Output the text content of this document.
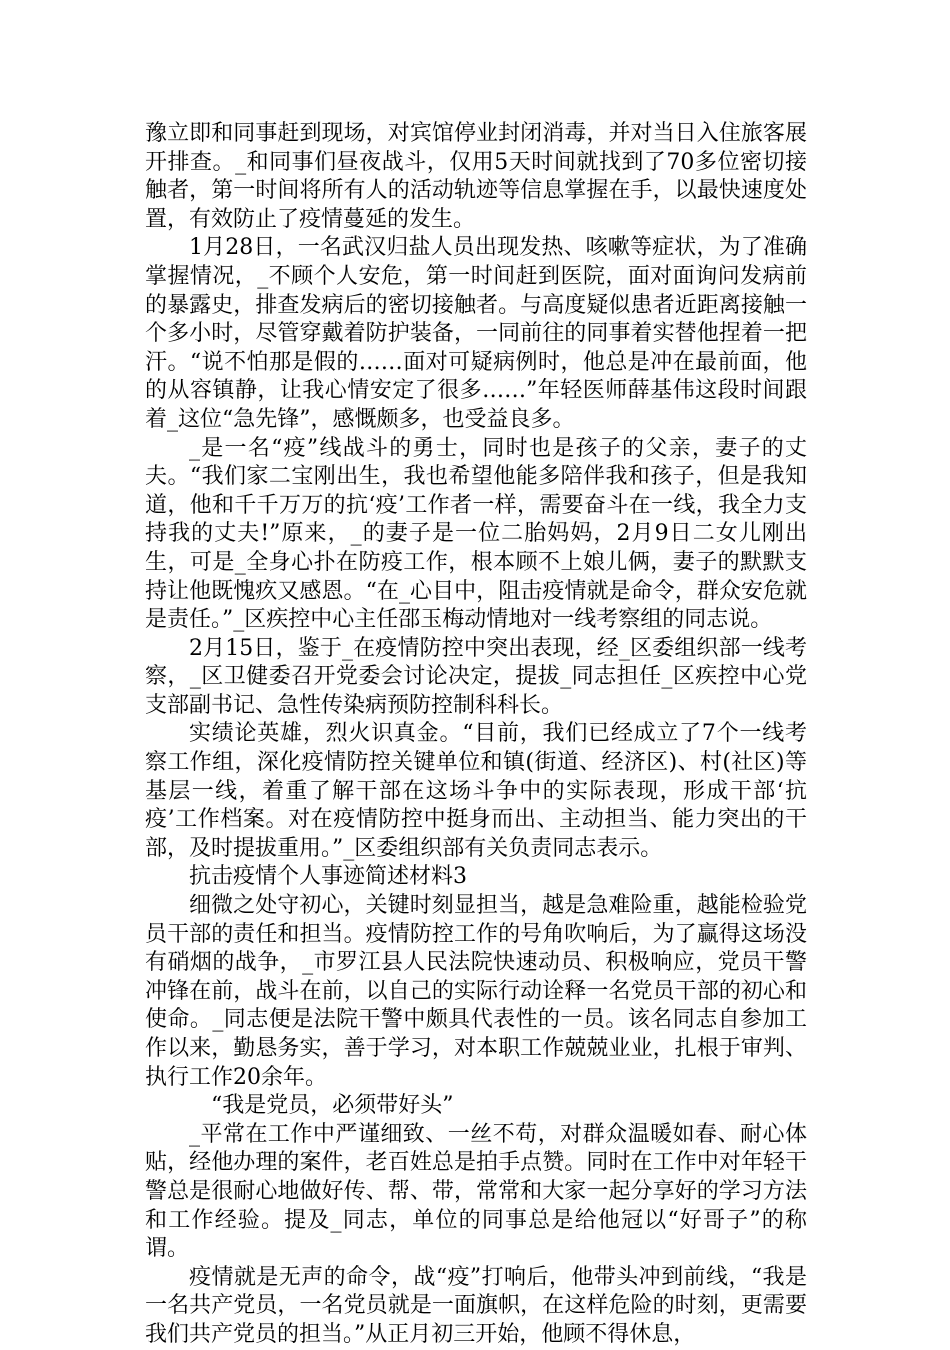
豫立即和同事赶到现场，对宾馆停业封闭消毒，并对当日入住旅客展开排查。_和同事们昼夜战斗，仅用5天时间就找到了70多位密切接触者，第一时间将所有人的活动轨迹等信息掌握在手，以最快速度处置，有效防止了疫情蔓延的发生。

1月28日，一名武汉归盐人员出现发热、咳嗽等症状，为了准确掌握情况，_不顾个人安危，第一时间赶到医院，面对面询问发病前的暴露史，排查发病后的密切接触者。与高度疑似患者近距离接触一个多小时，尽管穿戴着防护装备，一同前往的同事着实替他捏着一把汗。“说不怕那是假的……面对可疑病例时，他总是冲在最前面，他的从容镇静，让我心情安定了很多……”年轻医师薛基伟这段时间跟着_这位“急先锋”，感慨颇多，也受益良多。

_是一名“疫”线战斗的勇士，同时也是孩子的父亲，妻子的丈夫。“我们家二宝刚出生，我也希望他能多陪伴我和孩子，但是我知道，他和千千万万的抗‘疫’工作者一样，需要奋斗在一线，我全力支持我的丈夫!”原来，_的妻子是一位二胎妈妈，2月9日二女儿刚出生，可是_全身心扑在防疫工作，根本顾不上娘儿俩，妻子的默默支持让他既愧疚又感恩。“在_心目中，阻击疫情就是命令，群众安危就是责任。”_区疾控中心主任邵玉梅动情地对一线考察组的同志说。

2月15日，鉴于_在疫情防控中突出表现，经_区委组织部一线考察，_区卫健委召开党委会讨论决定，提拔_同志担任_区疾控中心党支部副书记、急性传染病预防控制科科长。

实绩论英雄，烈火识真金。“目前，我们已经成立了7个一线考察工作组，深化疫情防控关键单位和镇(街道、经济区)、村(社区)等基层一线，着重了解干部在这场斗争中的实际表现，形成干部‘抗疫’工作档案。对在疫情防控中挺身而出、主动担当、能力突出的干部，及时提拔重用。”_区委组织部有关负责同志表示。

抗击疫情个人事迹简述材料3

细微之处守初心，关键时刻显担当，越是急难险重，越能检验党员干部的责任和担当。疫情防控工作的号角吹响后，为了赢得这场没有硝烟的战争，_市罗江县人民法院快速动员、积极响应，党员干警冲锋在前，战斗在前，以自己的实际行动诠释一名党员干部的初心和使命。_同志便是法院干警中颇具代表性的一员。该名同志自参加工作以来，勤恳务实，善于学习，对本职工作兢兢业业，扎根于审判、执行工作20余年。

“我是党员，必须带好头”

_平常在工作中严谨细致、一丝不苟，对群众温暖如春、耐心体贴，经他办理的案件，老百姓总是拍手点赞。同时在工作中对年轻干警总是很耐心地做好传、帮、带，常常和大家一起分享好的学习方法和工作经验。提及_同志，单位的同事总是给他冠以“好哥子”的称谓。

疫情就是无声的命令，战“疫”打响后，他带头冲到前线，“我是一名共产党员，一名党员就是一面旗帜，在这样危险的时刻，更需要我们共产党员的担当。”从正月初三开始，他顾不得休息，
